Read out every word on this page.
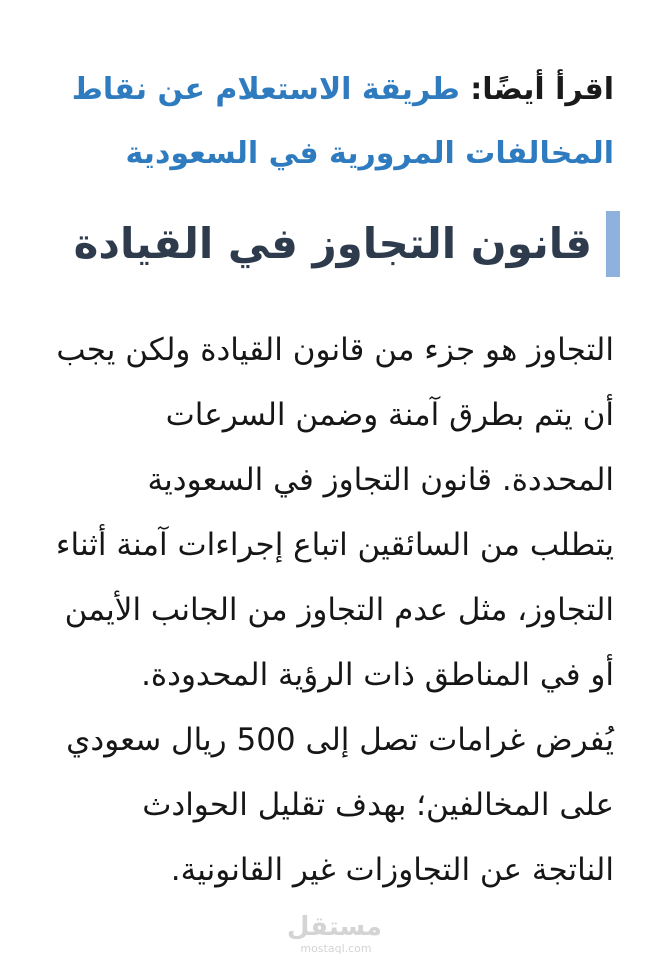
اقرأ أيضًا: طريقة الاستعلام عن نقاط المخالفات المرورية في السعودية

قانون التجاوز في القيادة

التجاوز هو جزء من قانون القيادة ولكن يجب أن يتم بطرق آمنة وضمن السرعات المحددة. قانون التجاوز في السعودية يتطلب من السائقين اتباع إجراءات آمنة أثناء التجاوز، مثل عدم التجاوز من الجانب الأيمن أو في المناطق ذات الرؤية المحدودة. يُفرض غرامات تصل إلى 500 ريال سعودي على المخالفين؛ بهدف تقليل الحوادث الناتجة عن التجاوزات غير القانونية.

مستقل
mostaql.com
